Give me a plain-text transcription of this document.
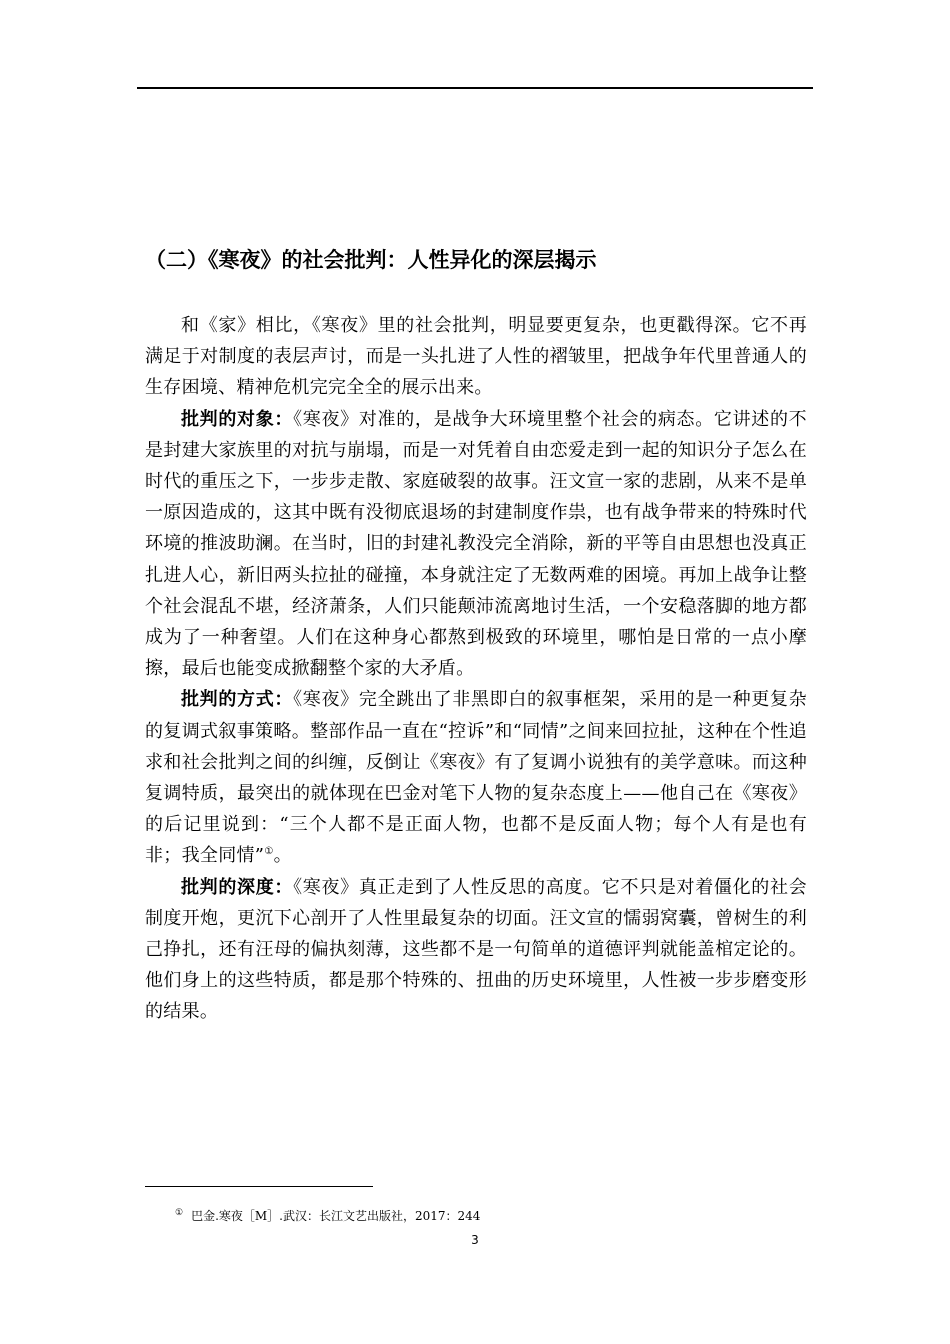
（二）《寒夜》的社会批判：人性异化的深层揭示

和《家》相比，《寒夜》里的社会批判，明显要更复杂，也更戳得深。它不再满足于对制度的表层声讨，而是一头扎进了人性的褶皱里，把战争年代里普通人的生存困境、精神危机完完全全的展示出来。

批判的对象：《寒夜》对准的，是战争大环境里整个社会的病态。它讲述的不是封建大家族里的对抗与崩塌，而是一对凭着自由恋爱走到一起的知识分子怎么在时代的重压之下，一步步走散、家庭破裂的故事。汪文宣一家的悲剧，从来不是单一原因造成的，这其中既有没彻底退场的封建制度作祟，也有战争带来的特殊时代环境的推波助澜。在当时，旧的封建礼教没完全消除，新的平等自由思想也没真正扎进人心，新旧两头拉扯的碰撞，本身就注定了无数两难的困境。再加上战争让整个社会混乱不堪，经济萧条，人们只能颠沛流离地讨生活，一个安稳落脚的地方都成为了一种奢望。人们在这种身心都熬到极致的环境里，哪怕是日常的一点小摩擦，最后也能变成掀翻整个家的大矛盾。

批判的方式：《寒夜》完全跳出了非黑即白的叙事框架，采用的是一种更复杂的复调式叙事策略。整部作品一直在“控诉”和“同情”之间来回拉扯，这种在个性追求和社会批判之间的纠缠，反倒让《寒夜》有了复调小说独有的美学意味。而这种复调特质，最突出的就体现在巴金对笔下人物的复杂态度上——他自己在《寒夜》的后记里说到：“三个人都不是正面人物，也都不是反面人物；每个人有是也有非；我全同情”①。

批判的深度：《寒夜》真正走到了人性反思的高度。它不只是对着僵化的社会制度开炮，更沉下心剖开了人性里最复杂的切面。汪文宣的懦弱窝囊，曾树生的利己挣扎，还有汪母的偏执刻薄，这些都不是一句简单的道德评判就能盖棺定论的。他们身上的这些特质，都是那个特殊的、扭曲的历史环境里，人性被一步步磨变形的结果。

① 巴金.寒夜［M］.武汉：长江文艺出版社，2017：244
3
